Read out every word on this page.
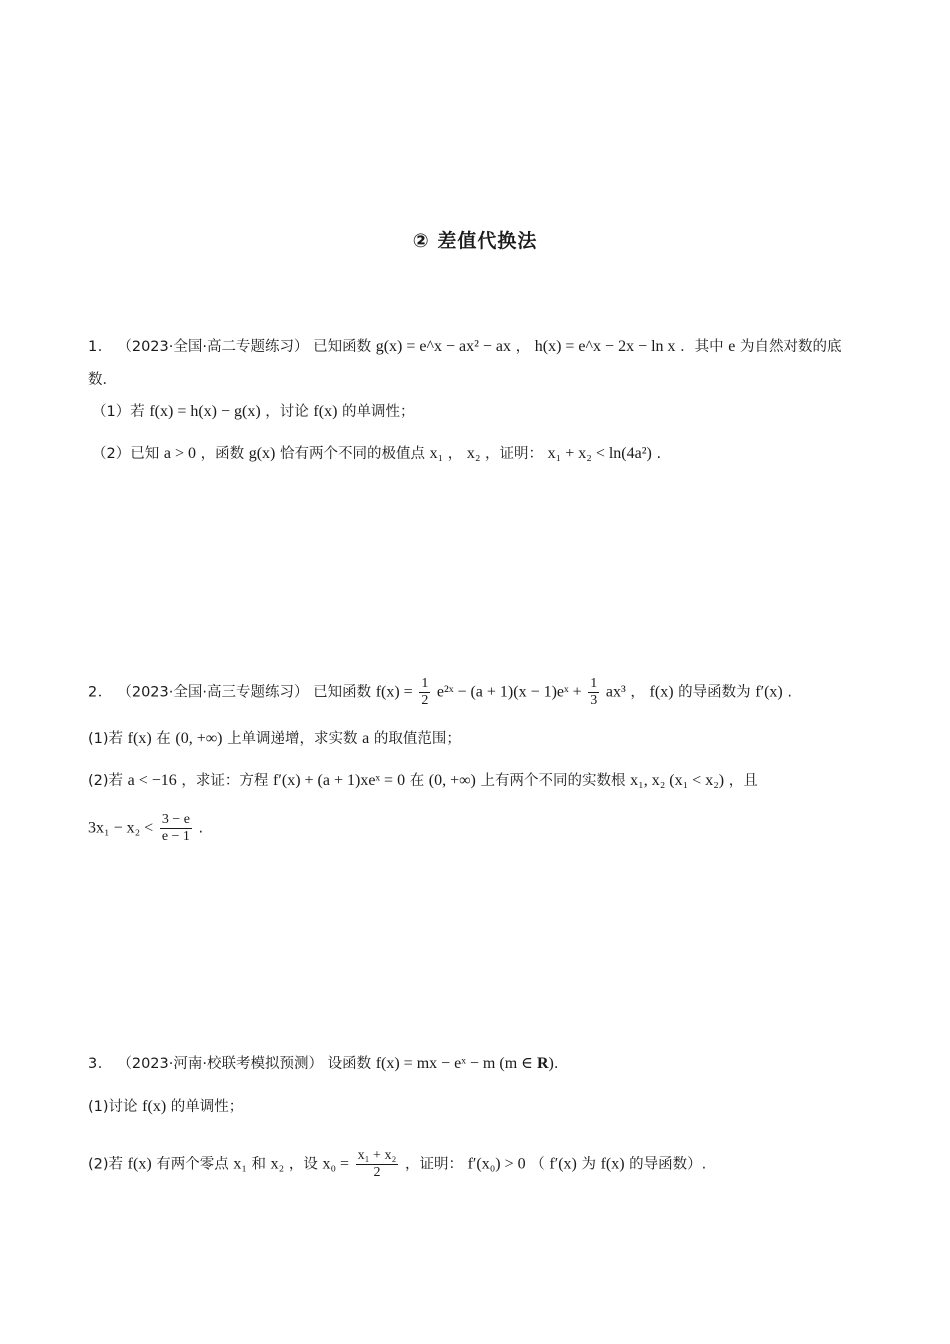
② 差值代换法
1． （2023·全国·高二专题练习） 已知函数 g(x) = e^x − ax² − ax ， h(x) = e^x − 2x − ln x ．其中 e 为自然对数的底
数．
（1）若 f(x) = h(x) − g(x) ，讨论 f(x) 的单调性；
（2）已知 a > 0 ，函数 g(x) 恰有两个不同的极值点 x₁ ， x₂ ，证明： x₁ + x₂ < ln(4a²) .
2． （2023·全国·高三专题练习） 已知函数 $f(x) = \frac{1}{2}$ e²ˣ − (a + 1)(x − 1)eˣ + $\frac{1}{3} ax^3$ ， f(x) 的导函数为 f′(x) .
(1)若 f(x) 在 (0, +∞) 上单调递增，求实数 a 的取值范围；
(2)若 a < −16 ，求证：方程 f′(x) + (a + 1)xeˣ = 0 在 (0, +∞) 上有两个不同的实数根 x₁, x₂ (x₁ < x₂) ，且
$3x_1 - x_2 < \frac{3 - e}{e - 1}$ .
3． （2023·河南·校联考模拟预测） 设函数 f(x) = mx − eˣ − m (m ∈ R).
(1)讨论 f(x) 的单调性；
(2)若 f(x) 有两个零点 x₁ 和 x₂ ，设 $x_0 = \frac{\text{x₁ + x₂}}{2}$ ，证明： f′(x₀) > 0 （ f′(x) 为 f(x) 的导函数）.
